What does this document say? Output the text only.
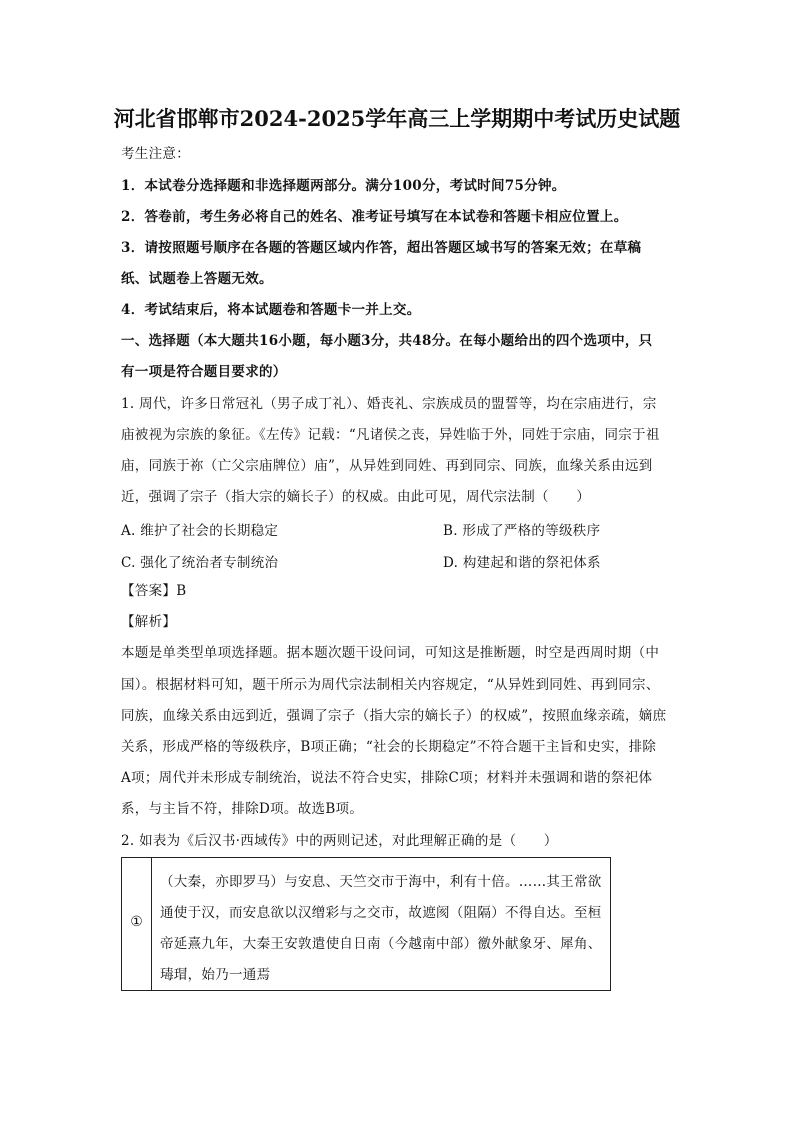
河北省邯郸市2024-2025学年高三上学期期中考试历史试题
考生注意：
1．本试卷分选择题和非选择题两部分。满分100分，考试时间75分钟。
2．答卷前，考生务必将自己的姓名、准考证号填写在本试卷和答题卡相应位置上。
3．请按照题号顺序在各题的答题区域内作答，超出答题区域书写的答案无效；在草稿
纸、试题卷上答题无效。
4．考试结束后，将本试题卷和答题卡一并上交。
一、选择题（本大题共16小题，每小题3分，共48分。在每小题给出的四个选项中，只
有一项是符合题目要求的）
1. 周代，许多日常冠礼（男子成丁礼）、婚丧礼、宗族成员的盟誓等，均在宗庙进行，宗
庙被视为宗族的象征。《左传》记载：“凡诸侯之丧，异姓临于外，同姓于宗庙，同宗于祖
庙，同族于祢（亡父宗庙牌位）庙”，从异姓到同姓、再到同宗、同族，血缘关系由远到
近，强调了宗子（指大宗的嫡长子）的权威。由此可见，周代宗法制（　　）
A. 维护了社会的长期稳定	B. 形成了严格的等级秩序
C. 强化了统治者专制统治	D. 构建起和谐的祭祀体系
【答案】B
【解析】
本题是单类型单项选择题。据本题次题干设问词，可知这是推断题，时空是西周时期（中
国）。根据材料可知，题干所示为周代宗法制相关内容规定，“从异姓到同姓、再到同宗、
同族，血缘关系由远到近，强调了宗子（指大宗的嫡长子）的权威”，按照血缘亲疏，嫡庶
关系，形成严格的等级秩序，B项正确；“社会的长期稳定”不符合题干主旨和史实，排除
A项；周代并未形成专制统治，说法不符合史实，排除C项；材料并未强调和谐的祭祀体
系，与主旨不符，排除D项。故选B项。
2. 如表为《后汉书·西域传》中的两则记述，对此理解正确的是（　　）
①
（大秦，亦即罗马）与安息、天竺交市于海中，利有十倍。……其王常欲
通使于汉，而安息欲以汉缯彩与之交市，故遮阂（阻隔）不得自达。至桓
帝延熹九年，大秦王安敦遣使自日南（今越南中部）徼外献象牙、犀角、
瑇瑁，始乃一通焉
